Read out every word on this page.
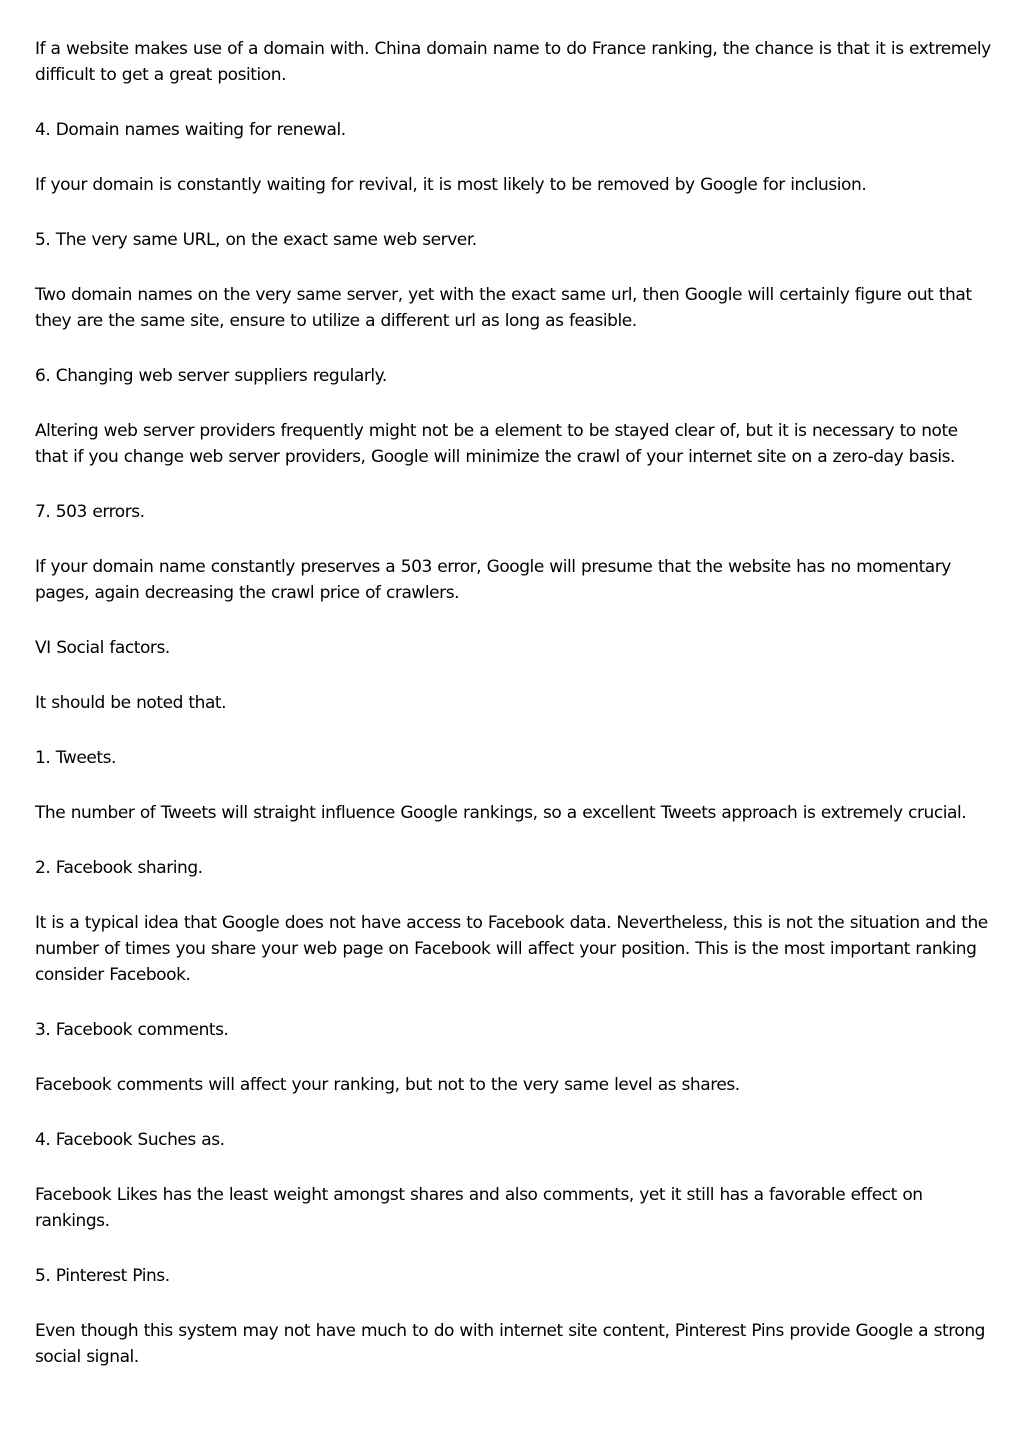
If a website makes use of a domain with. China domain name to do France ranking, the chance is that it is extremely difficult to get a great position.

4. Domain names waiting for renewal.

If your domain is constantly waiting for revival, it is most likely to be removed by Google for inclusion.

5. The very same URL, on the exact same web server.

Two domain names on the very same server, yet with the exact same url, then Google will certainly figure out that they are the same site, ensure to utilize a different url as long as feasible.

6. Changing web server suppliers regularly.

Altering web server providers frequently might not be a element to be stayed clear of, but it is necessary to note that if you change web server providers, Google will minimize the crawl of your internet site on a zero-day basis.

7. 503 errors.

If your domain name constantly preserves a 503 error, Google will presume that the website has no momentary pages, again decreasing the crawl price of crawlers.

VI Social factors.

It should be noted that.

1. Tweets.

The number of Tweets will straight influence Google rankings, so a excellent Tweets approach is extremely crucial.

2. Facebook sharing.

It is a typical idea that Google does not have access to Facebook data. Nevertheless, this is not the situation and the number of times you share your web page on Facebook will affect your position. This is the most important ranking consider Facebook.

3. Facebook comments.

Facebook comments will affect your ranking, but not to the very same level as shares.

4. Facebook Suches as.

Facebook Likes has the least weight amongst shares and also comments, yet it still has a favorable effect on rankings.

5. Pinterest Pins.

Even though this system may not have much to do with internet site content, Pinterest Pins provide Google a strong social signal.
